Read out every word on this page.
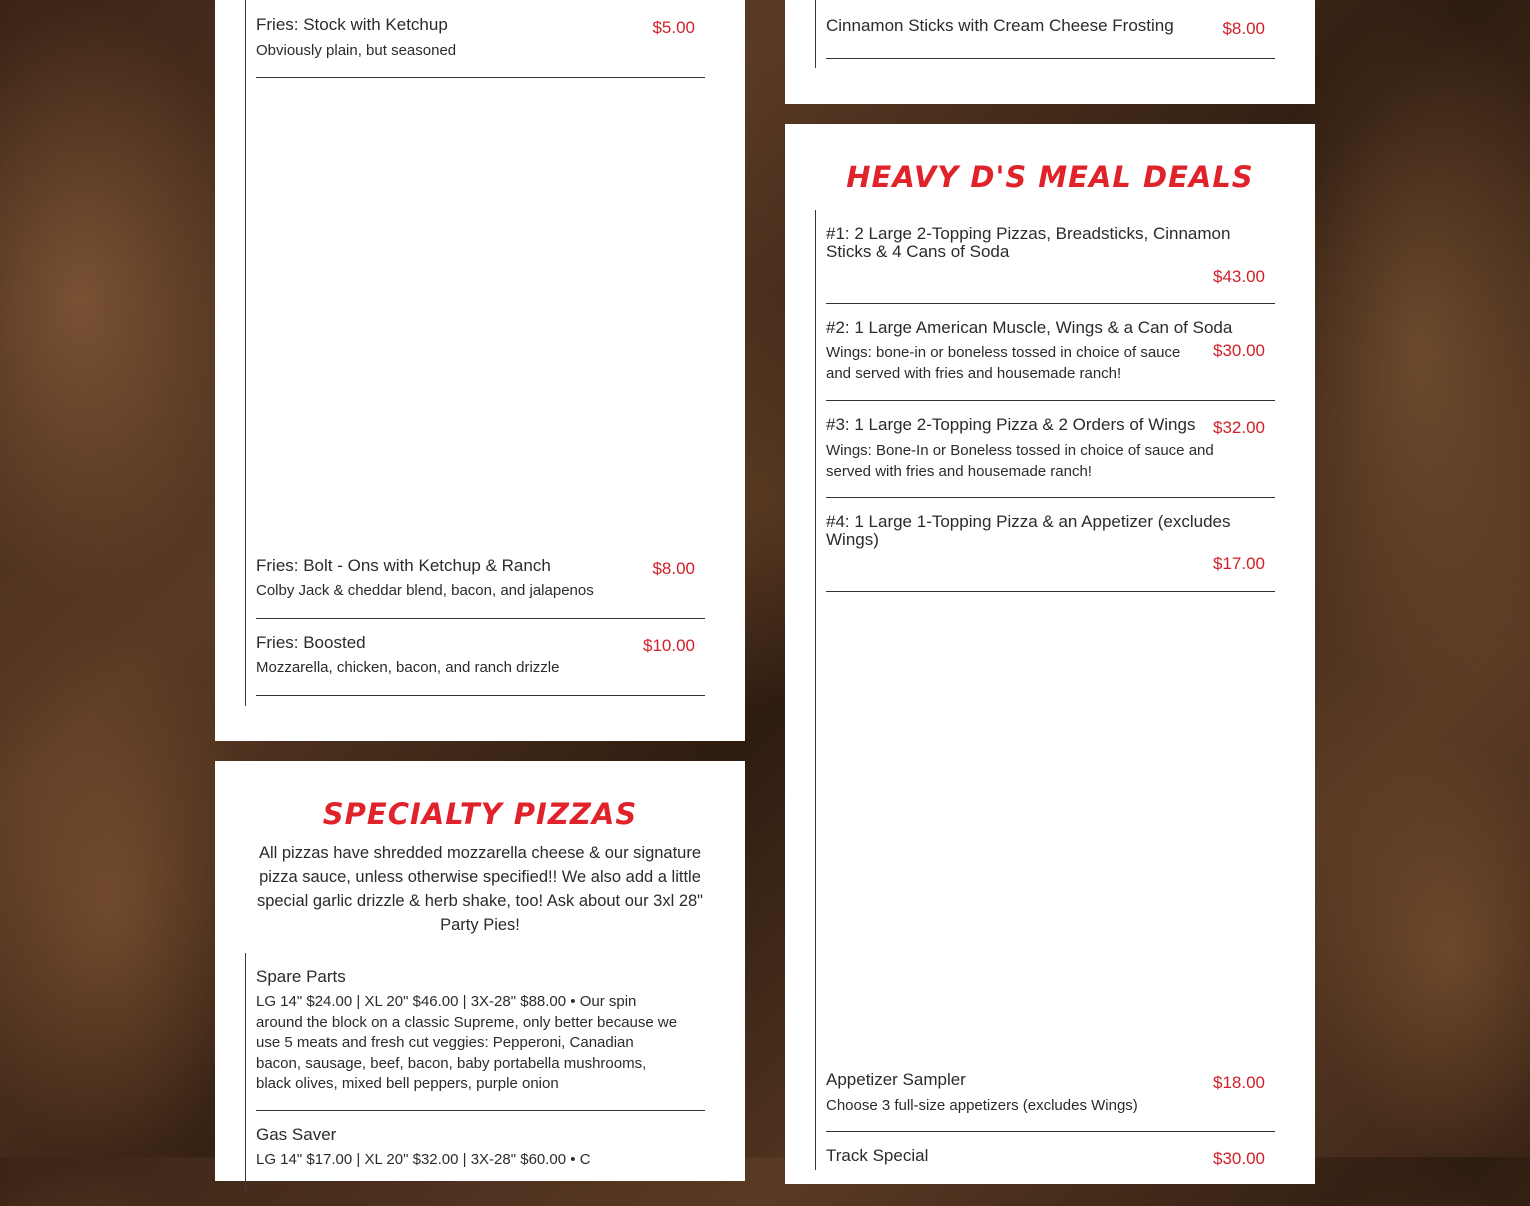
Fries: Stock with Ketchup	$5.00
Obviously plain, but seasoned
Fries: Bolt - Ons with Ketchup & Ranch	$8.00
Colby Jack & cheddar blend, bacon, and jalapenos
Fries: Boosted	$10.00
Mozzarella, chicken, bacon, and ranch drizzle
SPECIALTY PIZZAS
All pizzas have shredded mozzarella cheese & our signature pizza sauce, unless otherwise specified!! We also add a little special garlic drizzle & herb shake, too! Ask about our 3xl 28" Party Pies!
Spare Parts
LG 14" $24.00 | XL 20" $46.00 | 3X-28" $88.00 • Our spin around the block on a classic Supreme, only better because we use 5 meats and fresh cut veggies: Pepperoni, Canadian bacon, sausage, beef, bacon, baby portabella mushrooms, black olives, mixed bell peppers, purple onion
Gas Saver
LG 14" $17.00 | XL 20" $32.00 | 3X-28" $60.00 • C
Cinnamon Sticks with Cream Cheese Frosting	$8.00
HEAVY D'S MEAL DEALS
#1: 2 Large 2-Topping Pizzas, Breadsticks, Cinnamon Sticks & 4 Cans of Soda
$43.00
#2: 1 Large American Muscle, Wings & a Can of Soda
$30.00
Wings: bone-in or boneless tossed in choice of sauce and served with fries and housemade ranch!
#3: 1 Large 2-Topping Pizza & 2 Orders of Wings $32.00
Wings: Bone-In or Boneless tossed in choice of sauce and served with fries and housemade ranch!
#4: 1 Large 1-Topping Pizza & an Appetizer (excludes Wings)
$17.00
Appetizer Sampler	$18.00
Choose 3 full-size appetizers (excludes Wings)
Track Special	$30.00
